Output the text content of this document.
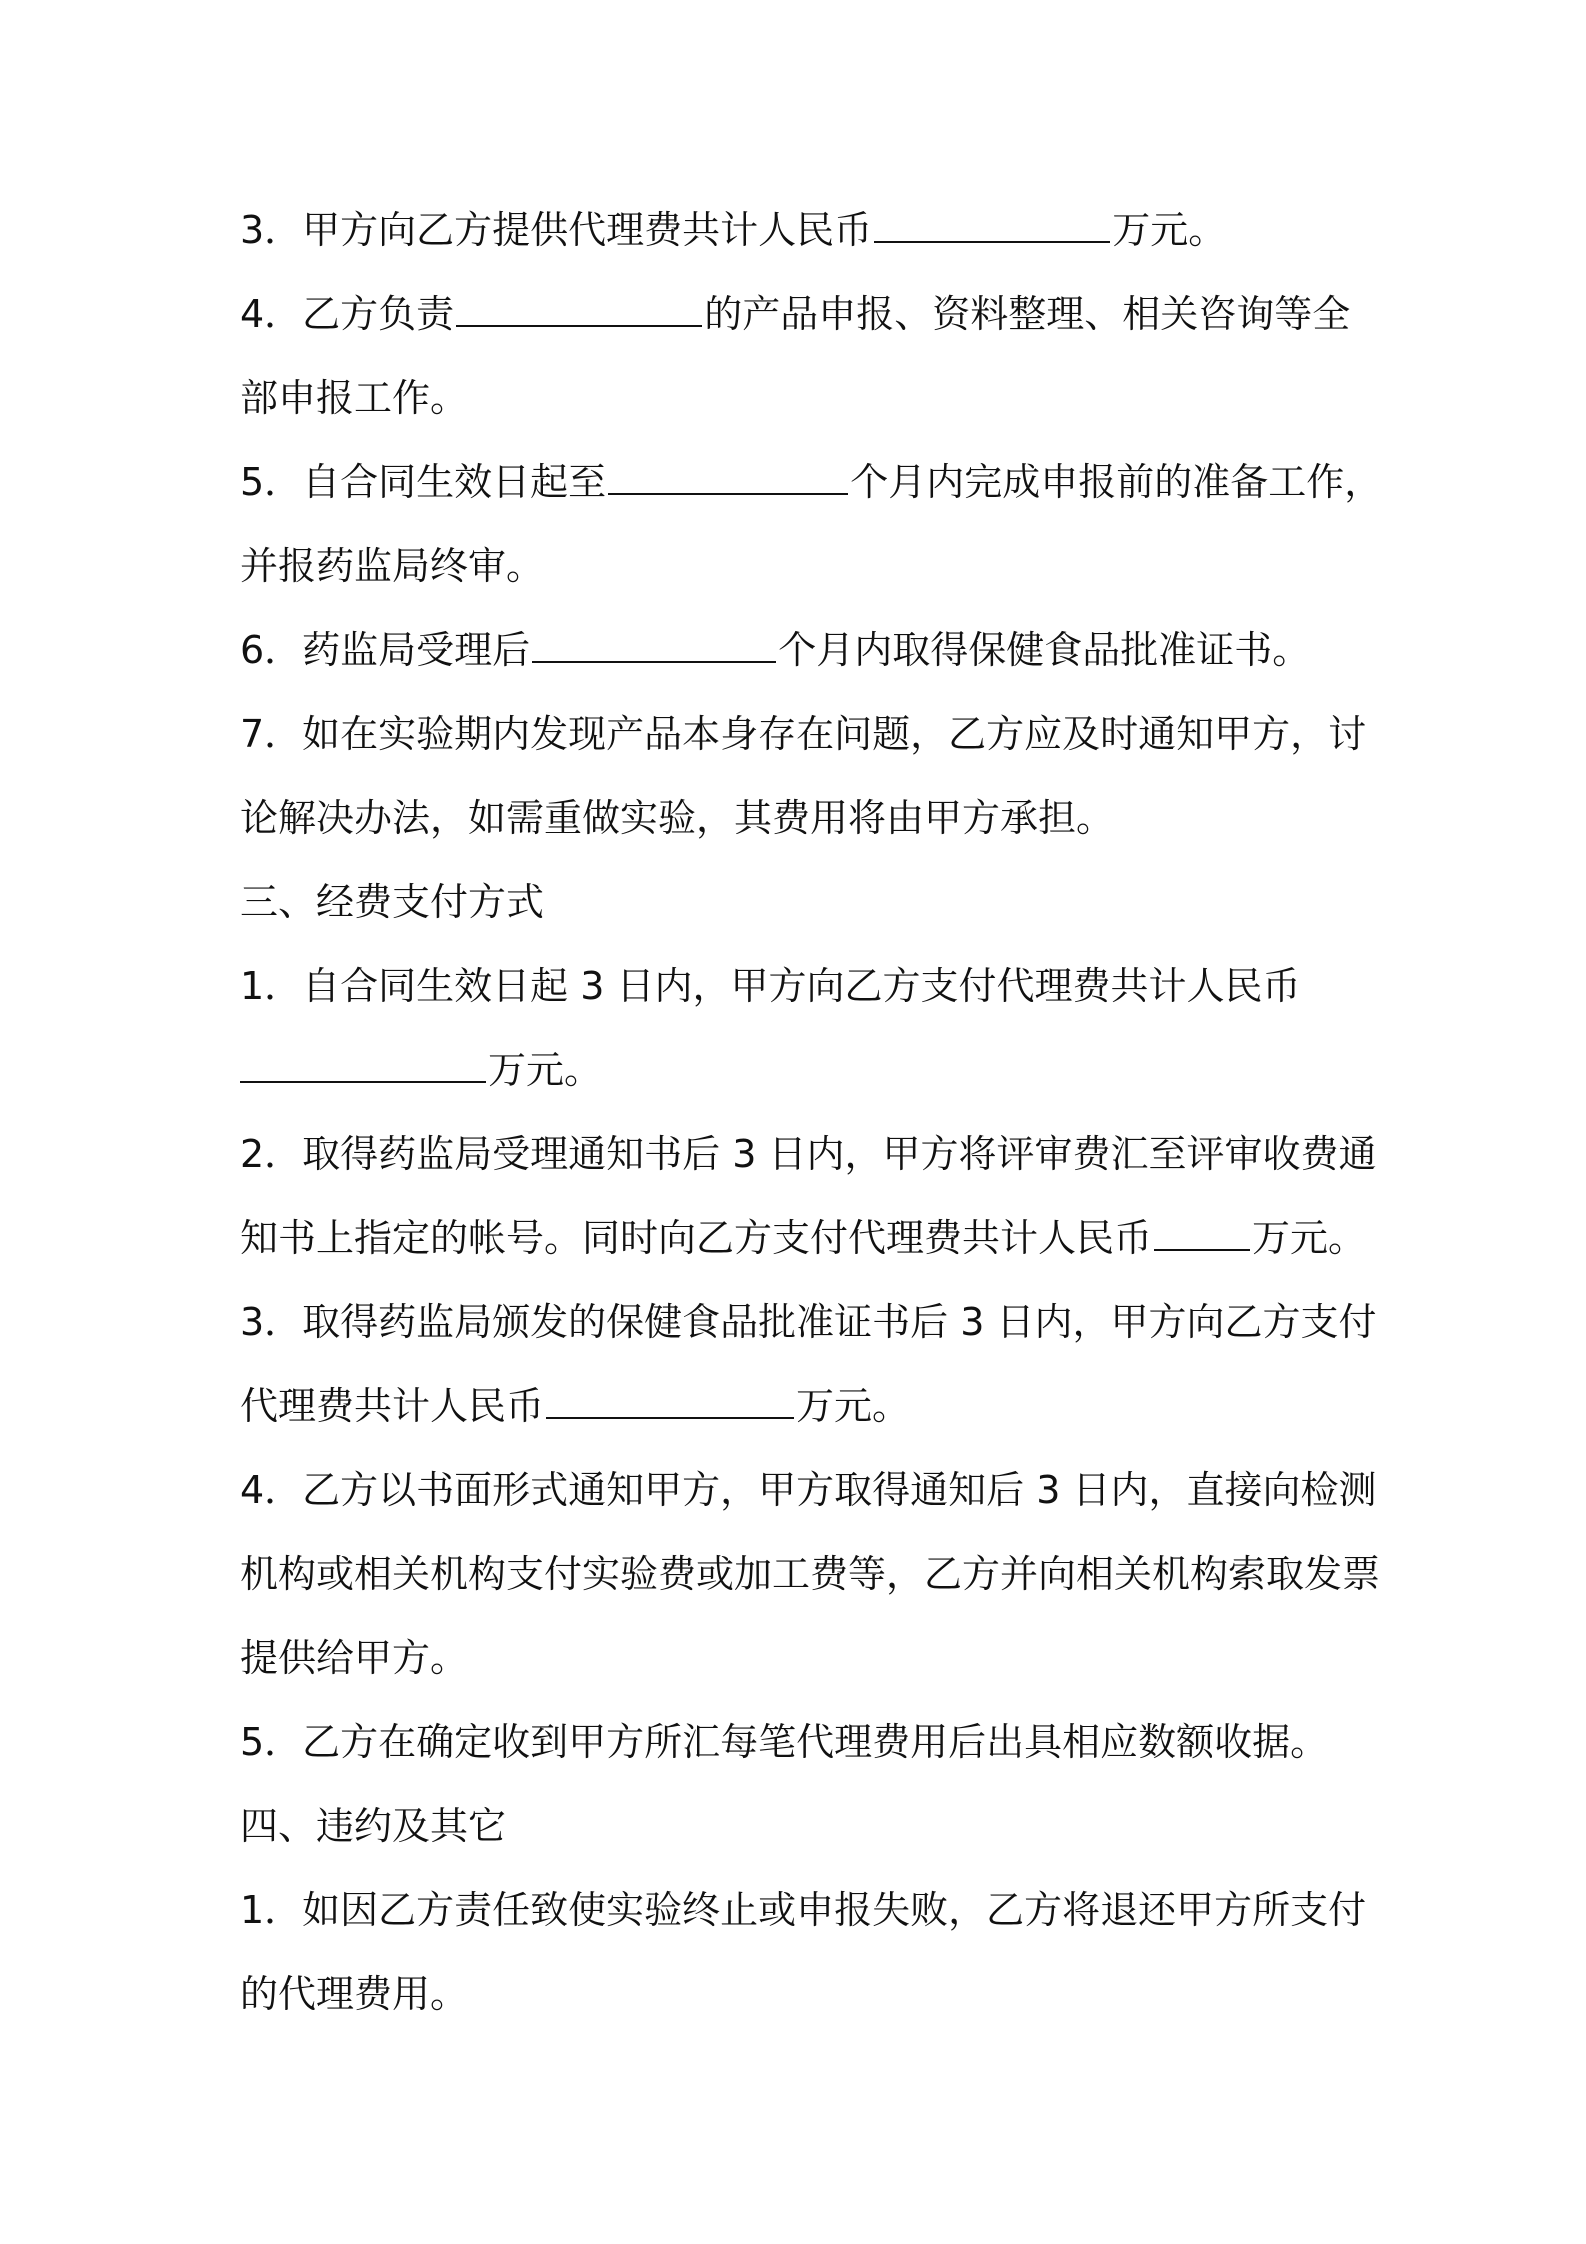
3．甲方向乙方提供代理费共计人民币	万元。
4．乙方负责	的产品申报、资料整理、相关咨询等全
部申报工作。
5．自合同生效日起至	个月内完成申报前的准备工作，
并报药监局终审。
6．药监局受理后	个月内取得保健食品批准证书。
7．如在实验期内发现产品本身存在问题，乙方应及时通知甲方，讨
论解决办法，如需重做实验，其费用将由甲方承担。
三、经费支付方式
1．自合同生效日起 3 日内，甲方向乙方支付代理费共计人民币
万元。
2．取得药监局受理通知书后 3 日内，甲方将评审费汇至评审收费通
知书上指定的帐号。同时向乙方支付代理费共计人民币	万元。
3．取得药监局颁发的保健食品批准证书后 3 日内，甲方向乙方支付
代理费共计人民币	万元。
4．乙方以书面形式通知甲方，甲方取得通知后 3 日内，直接向检测
机构或相关机构支付实验费或加工费等，乙方并向相关机构索取发票
提供给甲方。
5．乙方在确定收到甲方所汇每笔代理费用后出具相应数额收据。
四、违约及其它
1．如因乙方责任致使实验终止或申报失败，乙方将退还甲方所支付
的代理费用。
